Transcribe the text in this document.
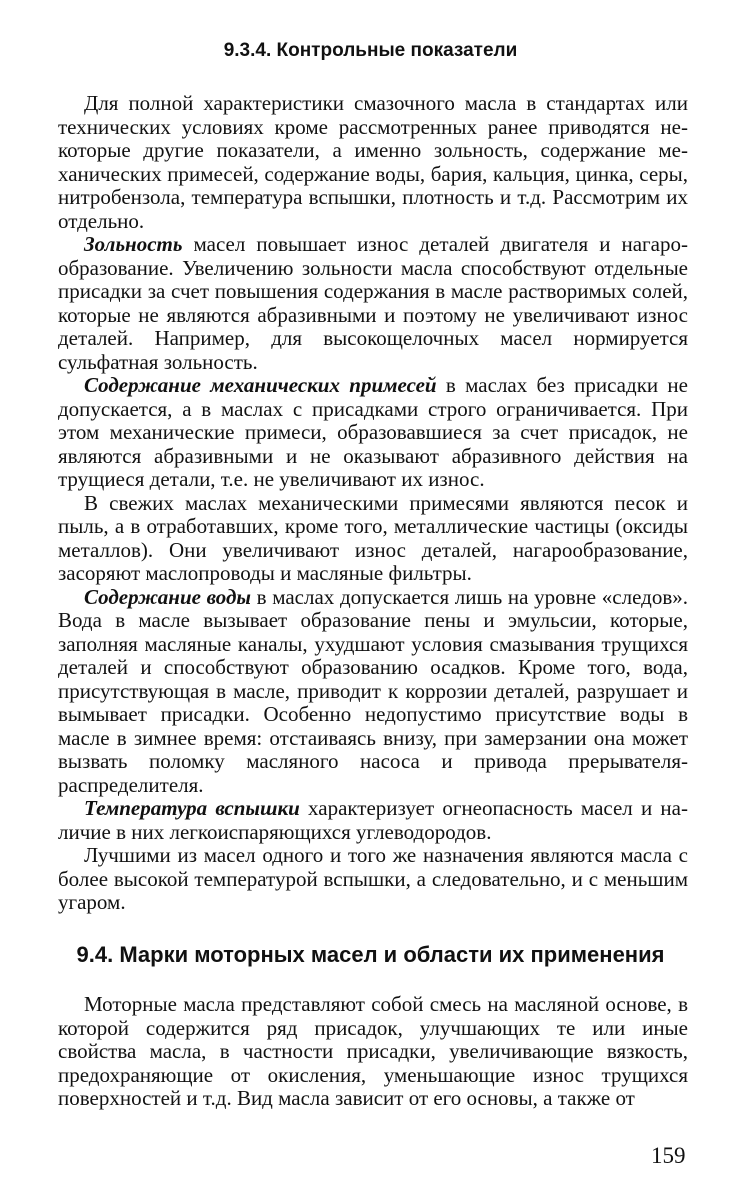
9.3.4. Контрольные показатели

Для полной характеристики смазочного масла в стандартах или технических условиях кроме рассмотренных ранее приводятся некоторые другие показатели, а именно зольность, содержание механических примесей, содержание воды, бария, кальция, цинка, серы, нитробензола, температура вспышки, плотность и т.д. Рассмотрим их отдельно.

Зольность масел повышает износ деталей двигателя и нагарообразование. Увеличению зольности масла способствуют отдельные присадки за счет повышения содержания в масле растворимых солей, которые не являются абразивными и поэтому не увеличивают износ деталей. Например, для высокощелочных масел нормируется сульфатная зольность.

Содержание механических примесей в маслах без присадки не допускается, а в маслах с присадками строго ограничивается. При этом механические примеси, образовавшиеся за счет присадок, не являются абразивными и не оказывают абразивного действия на трущиеся детали, т.е. не увеличивают их износ.

В свежих маслах механическими примесями являются песок и пыль, а в отработавших, кроме того, металлические частицы (оксиды металлов). Они увеличивают износ деталей, нагарообразование, засоряют маслопроводы и масляные фильтры.

Содержание воды в маслах допускается лишь на уровне «следов». Вода в масле вызывает образование пены и эмульсии, которые, заполняя масляные каналы, ухудшают условия смазывания трущихся деталей и способствуют образованию осадков. Кроме того, вода, присутствующая в масле, приводит к коррозии деталей, разрушает и вымывает присадки. Особенно недопустимо присутствие воды в масле в зимнее время: отстаиваясь внизу, при замерзании она может вызвать поломку масляного насоса и привода прерывателя-распределителя.

Температура вспышки характеризует огнеопасность масел и наличие в них легкоиспаряющихся углеводородов.

Лучшими из масел одного и того же назначения являются масла с более высокой температурой вспышки, а следовательно, и с меньшим угаром.

9.4. Марки моторных масел и области их применения

Моторные масла представляют собой смесь на масляной основе, в которой содержится ряд присадок, улучшающих те или иные свойства масла, в частности присадки, увеличивающие вязкость, предохраняющие от окисления, уменьшающие износ трущихся поверхностей и т.д. Вид масла зависит от его основы, а также от

159
